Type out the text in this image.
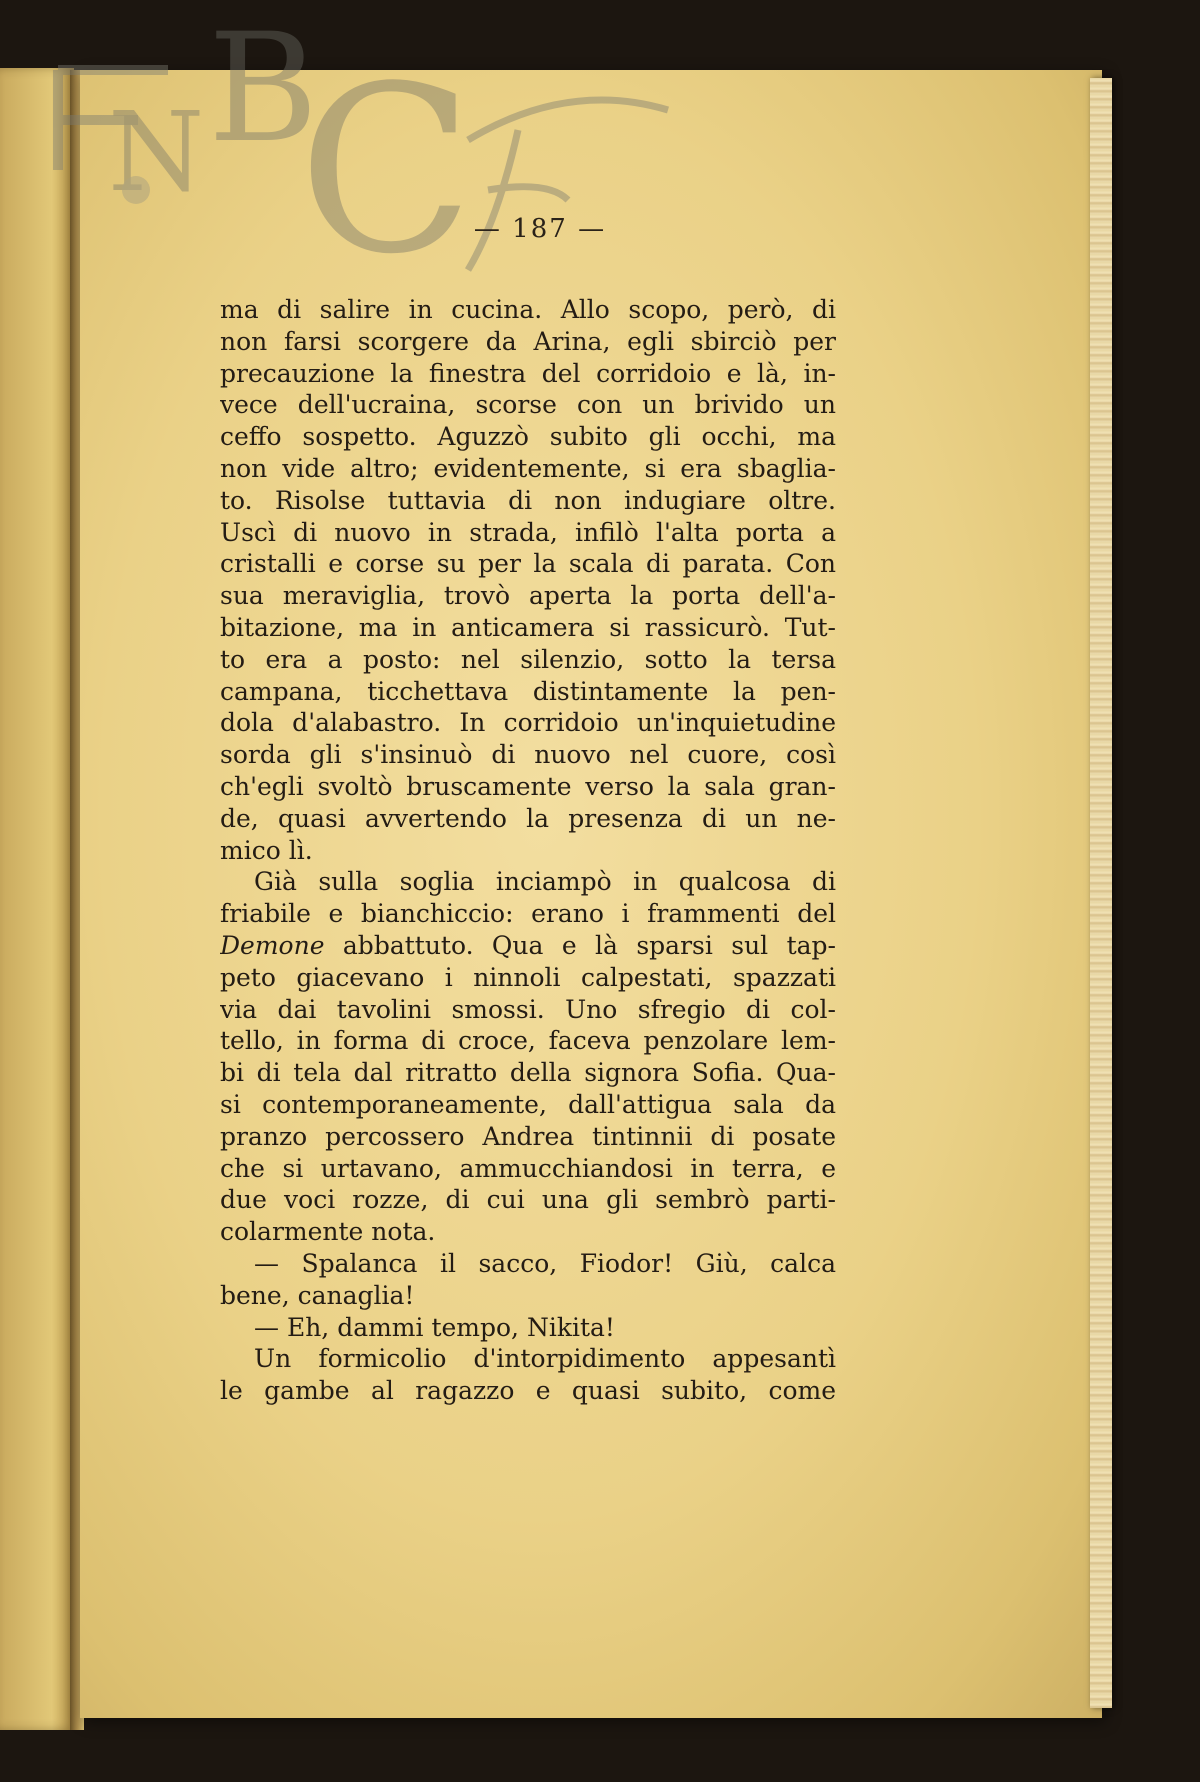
N B
C — 187 —
ma di salire in cucina. Allo scopo, però, di
non farsi scorgere da Arina, egli sbirciò per
precauzione la finestra del corridoio e là, in-
vece dell'ucraina, scorse con un brivido un
ceffo sospetto. Aguzzò subito gli occhi, ma
non vide altro; evidentemente, si era sbaglia-
to. Risolse tuttavia di non indugiare oltre.
Uscì di nuovo in strada, infilò l'alta porta a
cristalli e corse su per la scala di parata. Con
sua meraviglia, trovò aperta la porta dell'a-
bitazione, ma in anticamera si rassicurò. Tut-
to era a posto: nel silenzio, sotto la tersa
campana, ticchettava distintamente la pen-
dola d'alabastro. In corridoio un'inquietudine
sorda gli s'insinuò di nuovo nel cuore, così
ch'egli svoltò bruscamente verso la sala gran-
de, quasi avvertendo la presenza di un ne-
mico lì.
Già sulla soglia inciampò in qualcosa di
friabile e bianchiccio: erano i frammenti del
Demone abbattuto. Qua e là sparsi sul tap-
peto giacevano i ninnoli calpestati, spazzati
via dai tavolini smossi. Uno sfregio di col-
tello, in forma di croce, faceva penzolare lem-
bi di tela dal ritratto della signora Sofia. Qua-
si contemporaneamente, dall'attigua sala da
pranzo percossero Andrea tintinnii di posate
che si urtavano, ammucchiandosi in terra, e
due voci rozze, di cui una gli sembrò parti-
colarmente nota.
— Spalanca il sacco, Fiodor! Giù, calca
bene, canaglia!
— Eh, dammi tempo, Nikita!
Un formicolio d'intorpidimento appesantì
le gambe al ragazzo e quasi subito, come
